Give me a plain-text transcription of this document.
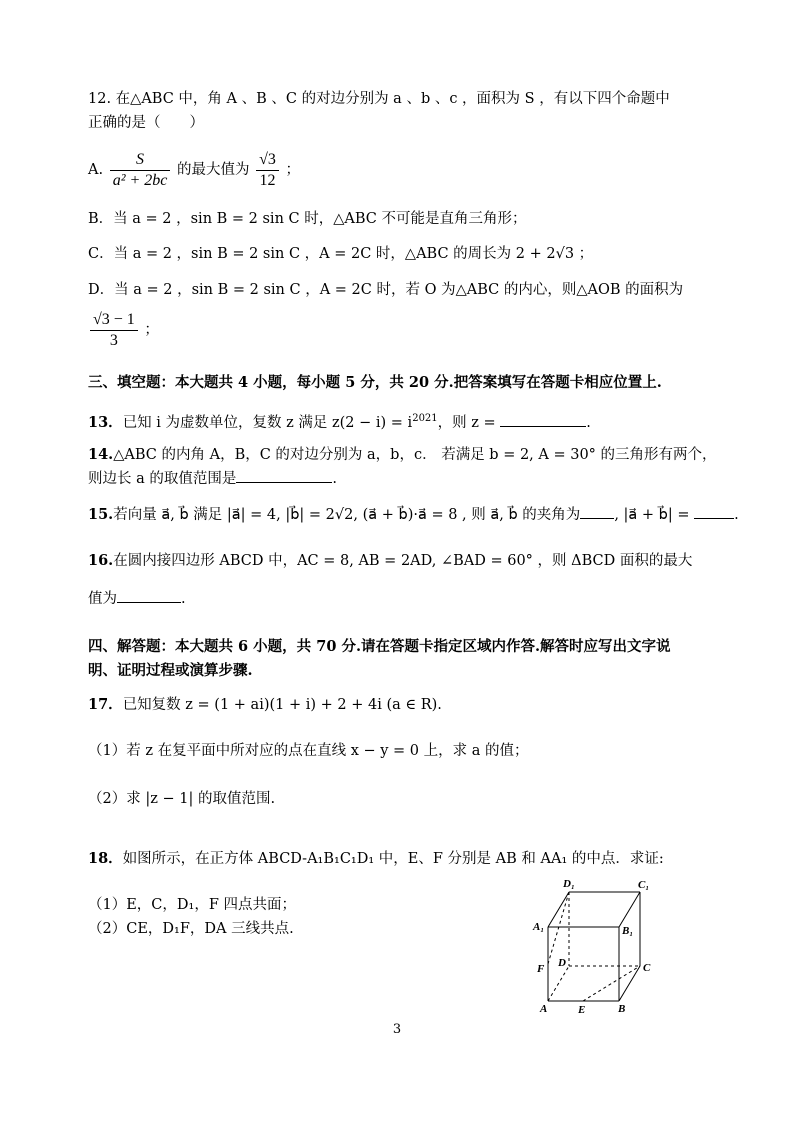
12. 在△ABC 中，角 A 、B 、C 的对边分别为 a 、b 、c ，面积为 S ，有以下四个命题中
正确的是（　　）
A. $\frac{S}{\text{a² + 2bc}}$ 的最大值为 $\frac{√3}{12}$ ；
B．当 a = 2 ，sin B = 2 sin C 时，△ABC 不可能是直角三角形；
C．当 a = 2 ，sin B = 2 sin C ，A = 2C 时，△ABC 的周长为 2 + 2√3 ；
D．当 a = 2 ，sin B = 2 sin C ，A = 2C 时，若 O 为△ABC 的内心，则△AOB 的面积为
$\frac{√3 - 1}{3}$ ；
三、填空题：本大题共 4 小题，每小题 5 分，共 20 分.把答案填写在答题卡相应位置上.
13．已知 i 为虚数单位，复数 z 满足 $z(2 - i) = i^{2021}$，则 z =	.
14.△ABC 的内角 A，B，C 的对边分别为 a，b，c． 若满足 b = 2, A = 30° 的三角形有两个，
则边长 a 的取值范围是	.
15.若向量 a⃗, b⃗ 满足 |a⃗| = 4, |b⃗| = 2√2, (a⃗ + b⃗)·a⃗ = 8 , 则 a⃗, b⃗ 的夹角为 , |a⃗ + b⃗| =	.
16.在圆内接四边形 ABCD 中，AC = 8, AB = 2AD, ∠BAD = 60° ，则 ΔBCD 面积的最大
值为	.
四、解答题：本大题共 6 小题，共 70 分.请在答题卡指定区域内作答.解答时应写出文字说
明、证明过程或演算步骤.
17．已知复数 z = (1 + ai)(1 + i) + 2 + 4i (a ∈ R).
（1）若 z 在复平面中所对应的点在直线 x − y = 0 上，求 a 的值；
（2）求 |z − 1| 的取值范围.
18．如图所示，在正方体 ABCD-A₁B₁C₁D₁ 中，E、F 分别是 AB 和 AA₁ 的中点．求证:
（1）E，C，D₁，F 四点共面；
（2）CE，D₁F，DA 三线共点.
D₁	C₁
A₁	B₁
D	C
F
A	E	B
3
